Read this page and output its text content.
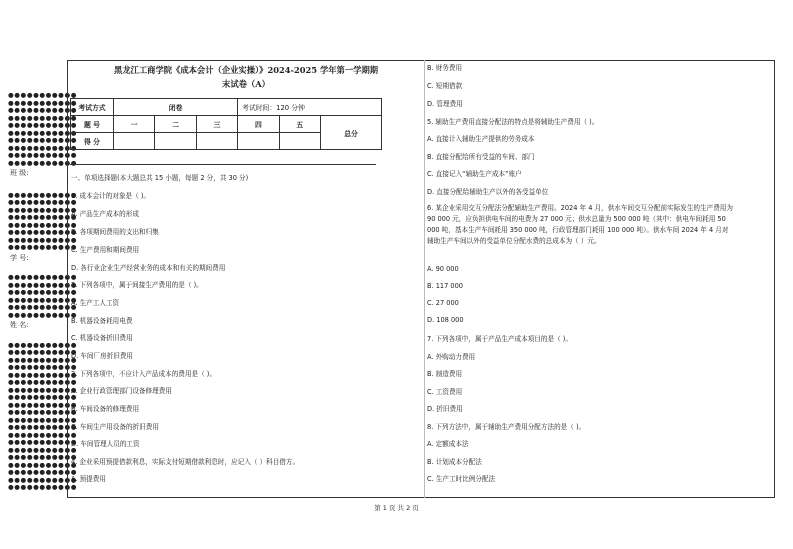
●●●●●●●●●●●
●●●●●●●●●●●
●●●●●●●●●●●
●●●●●●●●●●●
●●●●●●●●●●●
●●●●●●●●●●●
●●●●●●●●●●●
●●●●●●●●●●●
●●●●●●●●●●●
●●●●●●●●●●●
班 级:
●●●●●●●●●●●
●●●●●●●●●●●
●●●●●●●●●●●
●●●●●●●●●●●
●●●●●●●●●●●
●●●●●●●●●●●
●●●●●●●●●●●
●●●●●●●●●●●
学 号:
●●●●●●●●●●●
●●●●●●●●●●●
●●●●●●●●●●●
●●●●●●●●●●●
●●●●●●●●●●●
●●●●●●●●●●●
姓 名:
●●●●●●●●●●●
●●●●●●●●●●●
●●●●●●●●●●●
●●●●●●●●●●●
●●●●●●●●●●●
●●●●●●●●●●●
●●●●●●●●●●●
●●●●●●●●●●●
●●●●●●●●●●●
●●●●●●●●●●●
●●●●●●●●●●●
●●●●●●●●●●●
●●●●●●●●●●●
●●●●●●●●●●●
●●●●●●●●●●●
●●●●●●●●●●●
●●●●●●●●●●●
●●●●●●●●●●●
●●●●●●●●●●●
●●●●●●●●●●●
黑龙江工商学院《成本会计（企业实操）》2024-2025 学年第一学期期
末试卷（A）
考试方式	闭卷			考试时间：120 分钟		
题 号	一	二	三	四	五	总分
得 分						
一、单项选择题(本大题总共 15 小题，每题 2 分，共 30 分)
1. 成本会计的对象是（ )。
A. 产品生产成本的形成
B. 各项期间费用的支出和归集
C. 生产费用和期间费用
D. 各行业企业生产经营业务的成本和有关的期间费用
2. 下列各项中，属于间接生产费用的是（ )。
A. 生产工人工资
B. 机器设备耗用电费
C. 机器设备折旧费用
D. 车间厂房折旧费用
3. 下列各项中，不应计入产品成本的费用是（ )。
A. 企业行政管理部门设备修理费用
B. 车间设备的修理费用
C. 车间生产用设备的折旧费用
D. 车间管理人员的工资
4. 企业采用预提借款利息，实际支付短期借款利息时，应记入（ ）科目借方。
A. 预提费用
B. 财务费用
C. 短期借款
D. 管理费用
5. 辅助生产费用直接分配法的特点是将辅助生产费用（ )。
A. 直接计入辅助生产提供的劳务成本
B. 直接分配给所有受益的车间、部门
C. 直接记入“辅助生产成本”账户
D. 直接分配给辅助生产以外的各受益单位
6. 某企业采用交互分配法分配辅助生产费用。2024 年 4 月，供水车间交互分配前实际发生的生产费用为 90 000 元，应负担供电车间的电费为 27 000 元；供水总量为 500 000 吨（其中：供电车间耗用 50 000 吨，基本生产车间耗用 350 000 吨，行政管理部门耗用 100 000 吨）。供水车间 2024 年 4 月对辅助生产车间以外的受益单位分配水费的总成本为（ ）元。
A. 90 000
B. 117 000
C. 27 000
D. 108 000
7. 下列各项中，属于产品生产成本项目的是（ )。
A. 外购动力费用
B. 制造费用
C. 工资费用
D. 折旧费用
8. 下列方法中，属于辅助生产费用分配方法的是（ )。
A. 定额成本法
B. 计划成本分配法
C. 生产工时比例分配法
第 1 页 共 2 页
